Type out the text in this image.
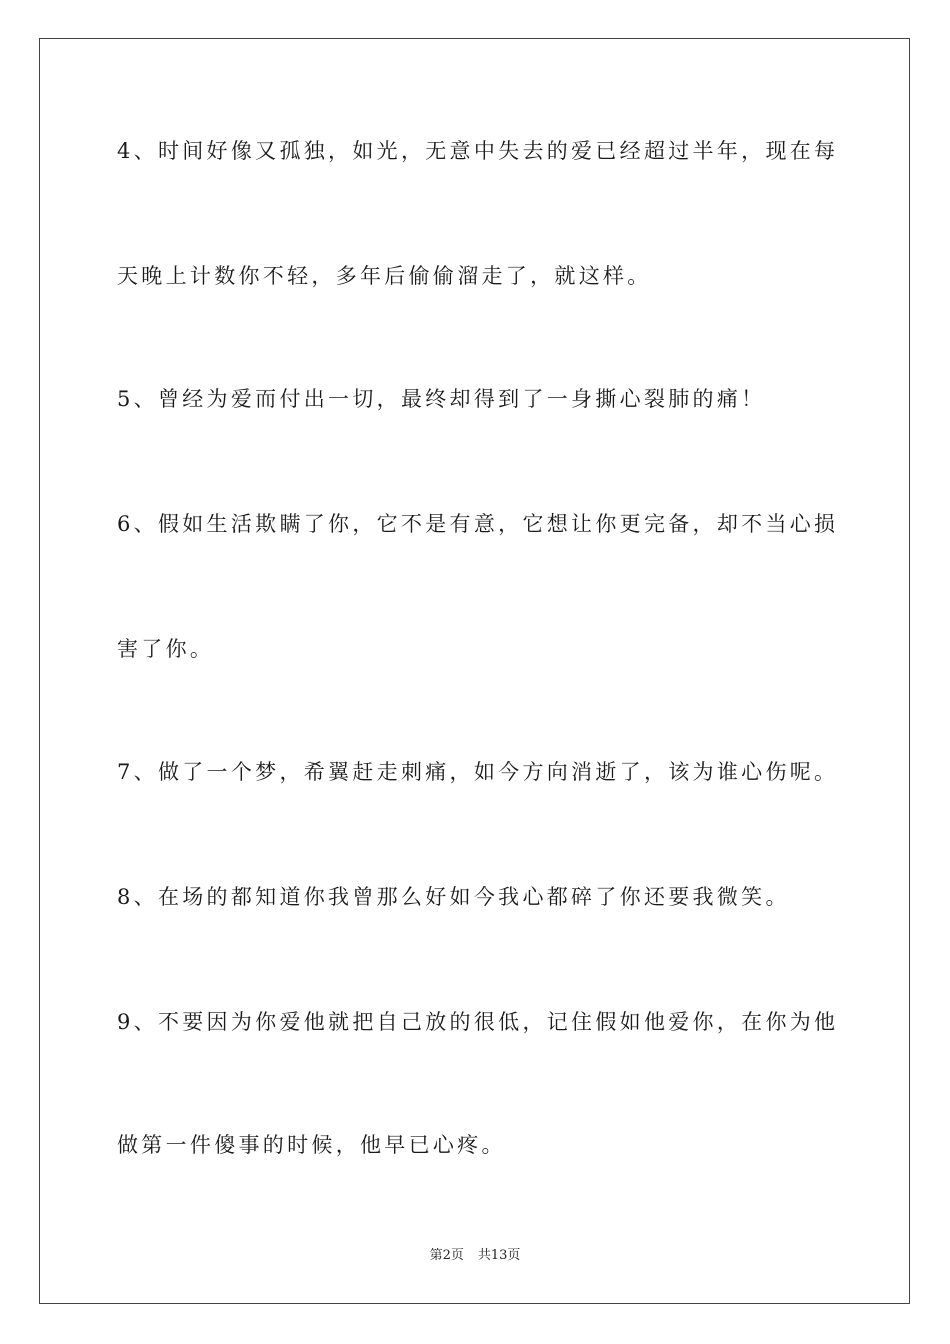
4、时间好像又孤独，如光，无意中失去的爱已经超过半年，现在每
天晚上计数你不轻，多年后偷偷溜走了，就这样。
5、曾经为爱而付出一切，最终却得到了一身撕心裂肺的痛！
6、假如生活欺瞒了你，它不是有意，它想让你更完备，却不当心损
害了你。
7、做了一个梦，希翼赶走刺痛，如今方向消逝了，该为谁心伤呢。
8、在场的都知道你我曾那么好如今我心都碎了你还要我微笑。
9、不要因为你爱他就把自己放的很低，记住假如他爱你，在你为他
做第一件傻事的时候，他早已心疼。
第2页 共13页
